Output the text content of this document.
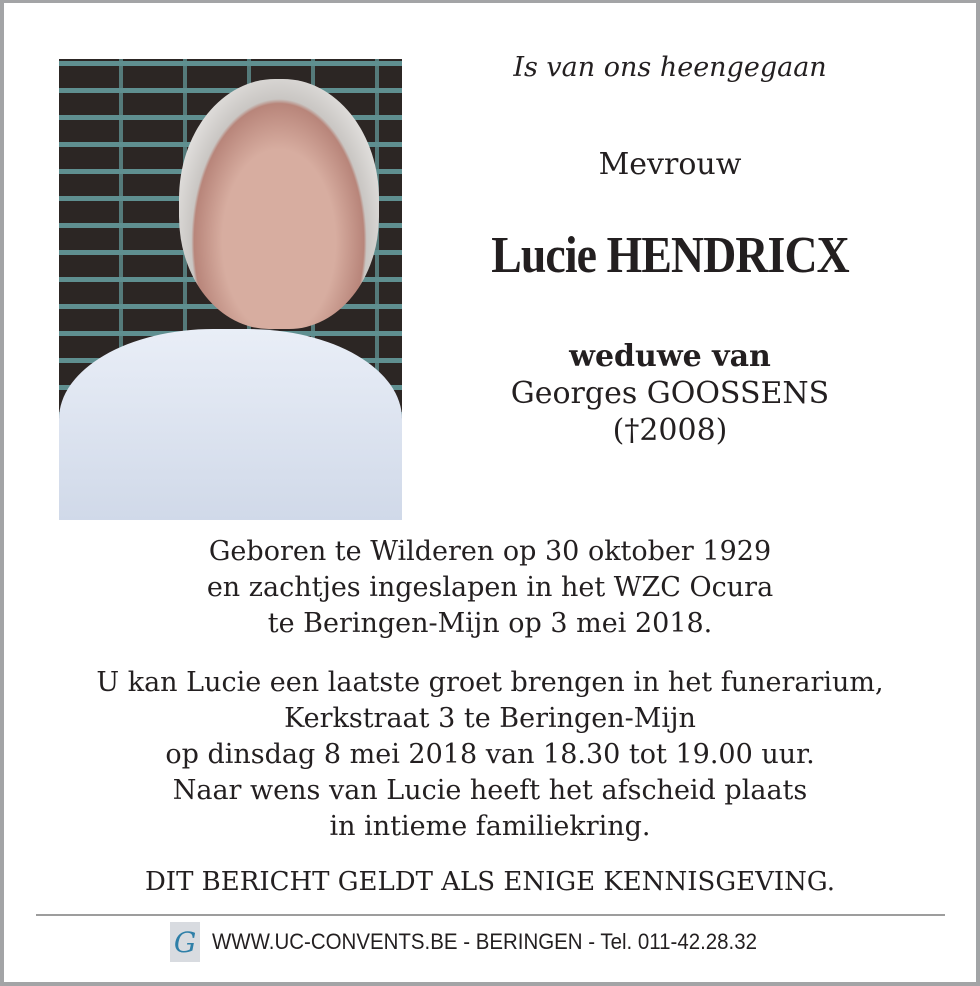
Is van ons heengegaan
Mevrouw
Lucie HENDRICX
weduwe van
Georges GOOSSENS
(†2008)
Geboren te Wilderen op 30 oktober 1929
en zachtjes ingeslapen in het WZC Ocura
te Beringen-Mijn op 3 mei 2018.
U kan Lucie een laatste groet brengen in het funerarium,
Kerkstraat 3 te Beringen-Mijn
op dinsdag 8 mei 2018 van 18.30 tot 19.00 uur.
Naar wens van Lucie heeft het afscheid plaats
in intieme familiekring.
DIT BERICHT GELDT ALS ENIGE KENNISGEVING.
G WWW.UC-CONVENTS.BE - BERINGEN - Tel. 011-42.28.32
